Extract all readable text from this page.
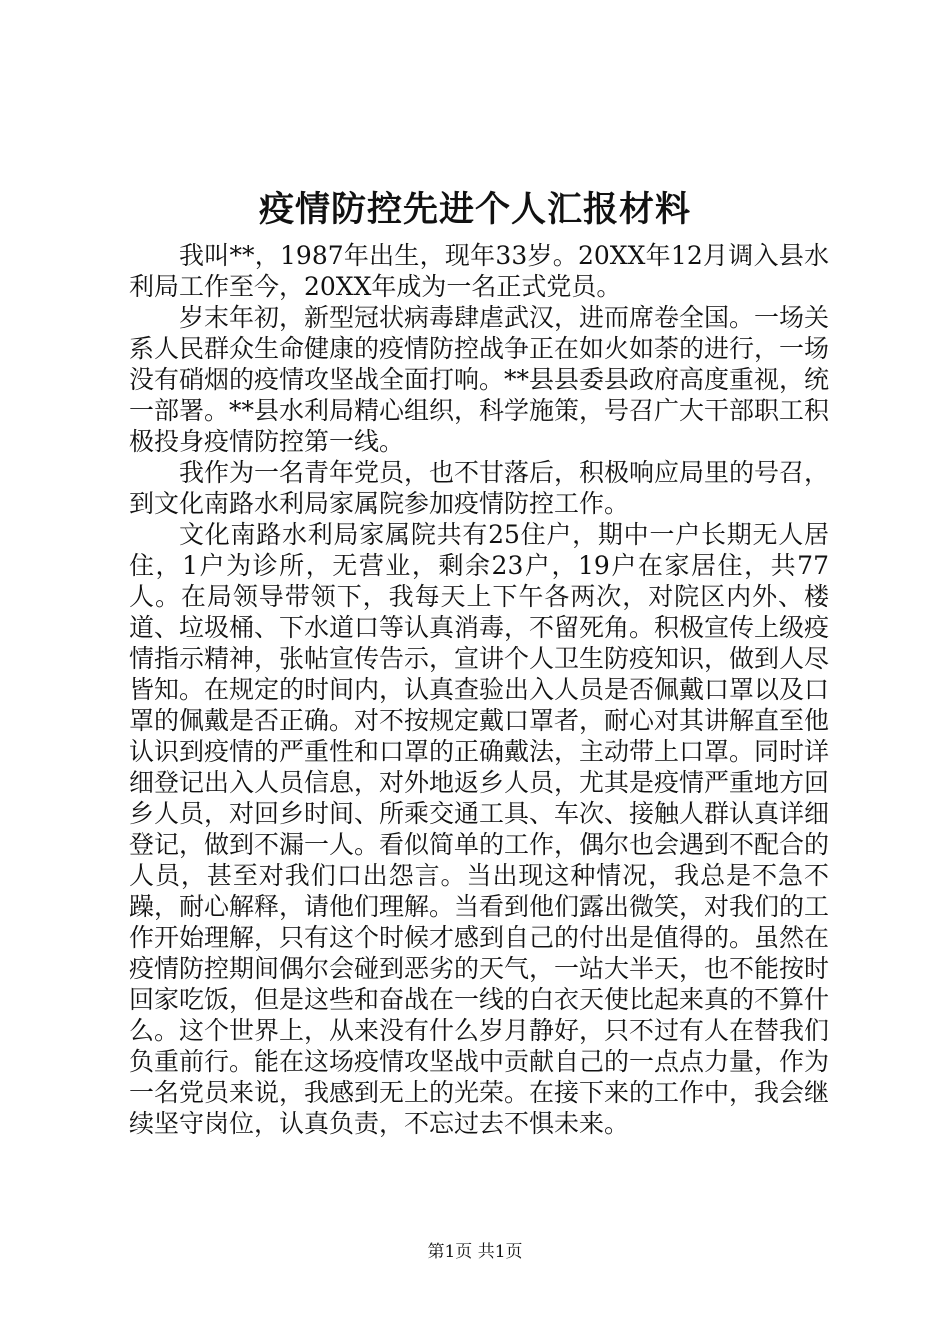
疫情防控先进个人汇报材料

我叫**，1987年出生，现年33岁。20XX年12月调入县水利局工作至今，20XX年成为一名正式党员。

岁末年初，新型冠状病毒肆虐武汉，进而席卷全国。一场关系人民群众生命健康的疫情防控战争正在如火如荼的进行，一场没有硝烟的疫情攻坚战全面打响。**县县委县政府高度重视，统一部署。**县水利局精心组织，科学施策，号召广大干部职工积极投身疫情防控第一线。

我作为一名青年党员，也不甘落后，积极响应局里的号召，到文化南路水利局家属院参加疫情防控工作。

文化南路水利局家属院共有25住户，期中一户长期无人居住，1户为诊所，无营业，剩余23户，19户在家居住，共77人。在局领导带领下，我每天上下午各两次，对院区内外、楼道、垃圾桶、下水道口等认真消毒，不留死角。积极宣传上级疫情指示精神，张帖宣传告示，宣讲个人卫生防疫知识，做到人尽皆知。在规定的时间内，认真查验出入人员是否佩戴口罩以及口罩的佩戴是否正确。对不按规定戴口罩者，耐心对其讲解直至他认识到疫情的严重性和口罩的正确戴法，主动带上口罩。同时详细登记出入人员信息，对外地返乡人员，尤其是疫情严重地方回乡人员，对回乡时间、所乘交通工具、车次、接触人群认真详细登记，做到不漏一人。看似简单的工作，偶尔也会遇到不配合的人员，甚至对我们口出怨言。当出现这种情况，我总是不急不躁，耐心解释，请他们理解。当看到他们露出微笑，对我们的工作开始理解，只有这个时候才感到自己的付出是值得的。虽然在疫情防控期间偶尔会碰到恶劣的天气，一站大半天，也不能按时回家吃饭，但是这些和奋战在一线的白衣天使比起来真的不算什么。这个世界上，从来没有什么岁月静好，只不过有人在替我们负重前行。能在这场疫情攻坚战中贡献自己的一点点力量，作为一名党员来说，我感到无上的光荣。在接下来的工作中，我会继续坚守岗位，认真负责，不忘过去不惧未来。

第1页 共1页
